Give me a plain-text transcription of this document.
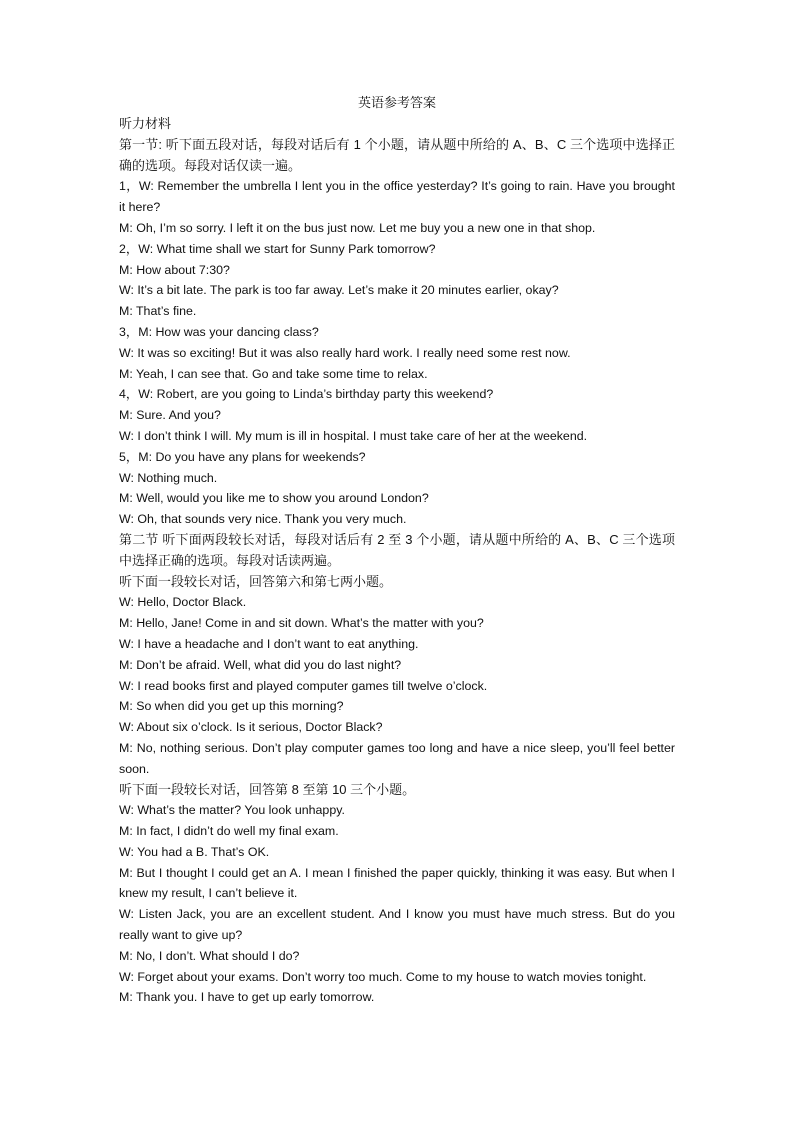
英语参考答案
听力材料
第一节: 听下面五段对话，每段对话后有 1 个小题，请从题中所给的 A、B、C 三个选项中选择正确的选项。每段对话仅读一遍。
1，W: Remember the umbrella I lent you in the office yesterday? It’s going to rain. Have you brought it here?
M: Oh, I’m so sorry. I left it on the bus just now. Let me buy you a new one in that shop.
2，W: What time shall we start for Sunny Park tomorrow?
M: How about 7:30?
W: It’s a bit late. The park is too far away. Let’s make it 20 minutes earlier, okay?
M: That’s fine.
3，M: How was your dancing class?
W: It was so exciting! But it was also really hard work. I really need some rest now.
M: Yeah, I can see that. Go and take some time to relax.
4，W: Robert, are you going to Linda’s birthday party this weekend?
M: Sure. And you?
W: I don’t think I will. My mum is ill in hospital. I must take care of her at the weekend.
5，M: Do you have any plans for weekends?
W: Nothing much.
M: Well, would you like me to show you around London?
W: Oh, that sounds very nice. Thank you very much.
第二节 听下面两段较长对话，每段对话后有 2 至 3 个小题，请从题中所给的 A、B、C 三个选项中选择正确的选项。每段对话读两遍。
听下面一段较长对话，回答第六和第七两小题。
W: Hello, Doctor Black.
M: Hello, Jane! Come in and sit down. What’s the matter with you?
W: I have a headache and I don’t want to eat anything.
M: Don’t be afraid. Well, what did you do last night?
W: I read books first and played computer games till twelve o’clock.
M: So when did you get up this morning?
W: About six o’clock. Is it serious, Doctor Black?
M: No, nothing serious. Don’t play computer games too long and have a nice sleep, you’ll feel better soon.
听下面一段较长对话，回答第 8 至第 10 三个小题。
W: What’s the matter? You look unhappy.
M: In fact, I didn’t do well my final exam.
W: You had a B. That’s OK.
M: But I thought I could get an A. I mean I finished the paper quickly, thinking it was easy. But when I knew my result, I can’t believe it.
W: Listen Jack, you are an excellent student. And I know you must have much stress. But do you really want to give up?
M: No, I don’t. What should I do?
W: Forget about your exams. Don’t worry too much. Come to my house to watch movies tonight.
M: Thank you. I have to get up early tomorrow.
